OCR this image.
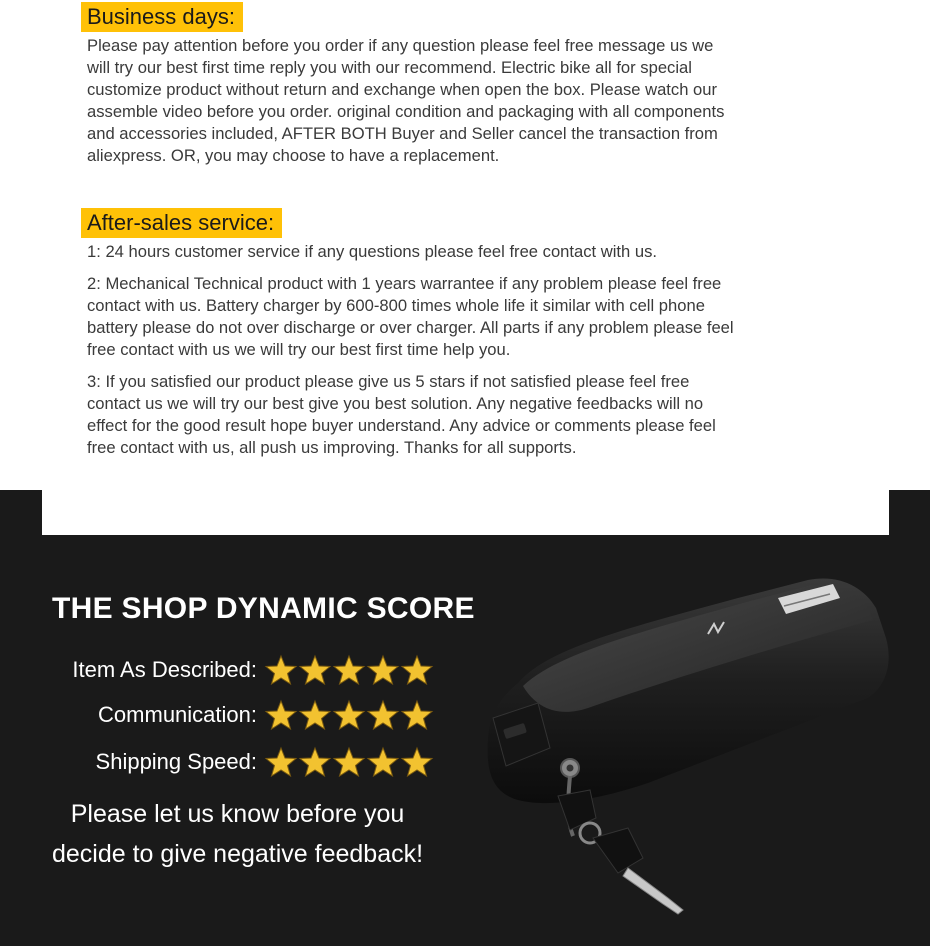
Business days:
Please pay attention before you order if any question please feel free message us we
will try our best first time reply you with our recommend. Electric bike all for special
customize product without return and exchange when open the box. Please watch our
assemble video before you order. original condition and packaging with all components
and accessories included, AFTER BOTH Buyer and Seller cancel the transaction from
aliexpress. OR, you may choose to have a replacement.
After-sales service:
1: 24 hours customer service if any questions please feel free contact with us.
2: Mechanical Technical product with 1 years warrantee if any problem please feel free
contact with us. Battery charger by 600-800 times whole life it similar with cell phone
battery please do not over discharge or over charger. All parts if any problem please feel
free contact with us we will try our best first time help you.
3: If you satisfied our product please give us 5 stars if not satisfied please feel free
contact us we will try our best give you best solution. Any negative feedbacks will no
effect for the good result hope buyer understand. Any advice or comments please feel
free contact with us, all push us improving. Thanks for all supports.
THE SHOP DYNAMIC SCORE
Item As Described:
Communication:
Shipping Speed:

Please let us know before you

decide to give negative feedback!
